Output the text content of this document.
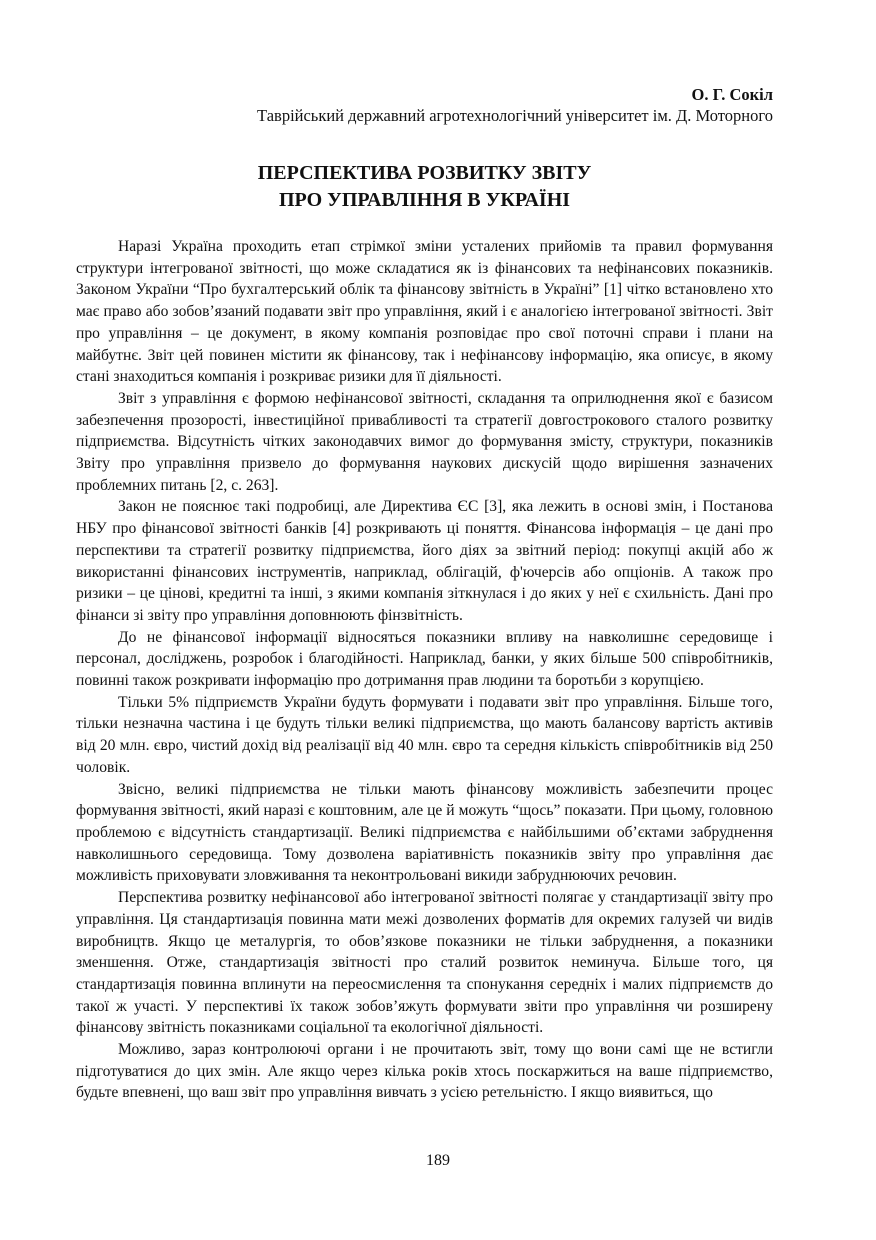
О. Г. Сокіл

Таврійський державний агротехнологічний університет ім. Д. Моторного

ПЕРСПЕКТИВА РОЗВИТКУ ЗВІТУ
ПРО УПРАВЛІННЯ В УКРАЇНІ

Наразі Україна проходить етап стрімкої зміни усталених прийомів та правил формування структури інтегрованої звітності, що може складатися як із фінансових та нефінансових показників. Законом України “Про бухгалтерський облік та фінансову звітність в Україні” [1] чітко встановлено хто має право або зобов’язаний подавати звіт про управління, який і є аналогією інтегрованої звітності. Звіт про управління – це документ, в якому компанія розповідає про свої поточні справи і плани на майбутнє. Звіт цей повинен містити як фінансову, так і нефінансову інформацію, яка описує, в якому стані знаходиться компанія і розкриває ризики для її діяльності.

Звіт з управління є формою нефінансової звітності, складання та оприлюднення якої є базисом забезпечення прозорості, інвестиційної привабливості та стратегії довгострокового сталого розвитку підприємства. Відсутність чітких законодавчих вимог до формування змісту, структури, показників Звіту про управління призвело до формування наукових дискусій щодо вирішення зазначених проблемних питань [2, с. 263].

Закон не пояснює такі подробиці, але Директива ЄС [3], яка лежить в основі змін, і Постанова НБУ про фінансової звітності банків [4] розкривають ці поняття. Фінансова інформація – це дані про перспективи та стратегії розвитку підприємства, його діях за звітний період: покупці акцій або ж використанні фінансових інструментів, наприклад, облігацій, ф'ючерсів або опціонів. А також про ризики – це цінові, кредитні та інші, з якими компанія зіткнулася і до яких у неї є схильність. Дані про фінанси зі звіту про управління доповнюють фінзвітність.

До не фінансової інформації відносяться показники впливу на навколишнє середовище і персонал, досліджень, розробок і благодійності. Наприклад, банки, у яких більше 500 співробітників, повинні також розкривати інформацію про дотримання прав людини та боротьби з корупцією.

Тільки 5% підприємств України будуть формувати і подавати звіт про управління. Більше того, тільки незначна частина і це будуть тільки великі підприємства, що мають балансову вартість активів від 20 млн. євро, чистий дохід від реалізації від 40 млн. євро та середня кількість співробітників від 250 чоловік.

Звісно, великі підприємства не тільки мають фінансову можливість забезпечити процес формування звітності, який наразі є коштовним, але це й можуть “щось” показати. При цьому, головною проблемою є відсутність стандартизації. Великі підприємства є найбільшими об’єктами забруднення навколишнього середовища. Тому дозволена варіативність показників звіту про управління дає можливість приховувати зловживання та неконтрольовані викиди забруднюючих речовин.

Перспектива розвитку нефінансової або інтегрованої звітності полягає у стандартизації звіту про управління. Ця стандартизація повинна мати межі дозволених форматів для окремих галузей чи видів виробництв. Якщо це металургія, то обов’язкове показники не тільки забруднення, а показники зменшення. Отже, стандартизація звітності про сталий розвиток неминуча. Більше того, ця стандартизація повинна вплинути на переосмислення та спонукання середніх і малих підприємств до такої ж участі. У перспективі їх також зобов’яжуть формувати звіти про управління чи розширену фінансову звітність показниками соціальної та екологічної діяльності.

Можливо, зараз контролюючі органи і не прочитають звіт, тому що вони самі ще не встигли підготуватися до цих змін. Але якщо через кілька років хтось поскаржиться на ваше підприємство, будьте впевнені, що ваш звіт про управління вивчать з усією ретельністю. І якщо виявиться, що

189
